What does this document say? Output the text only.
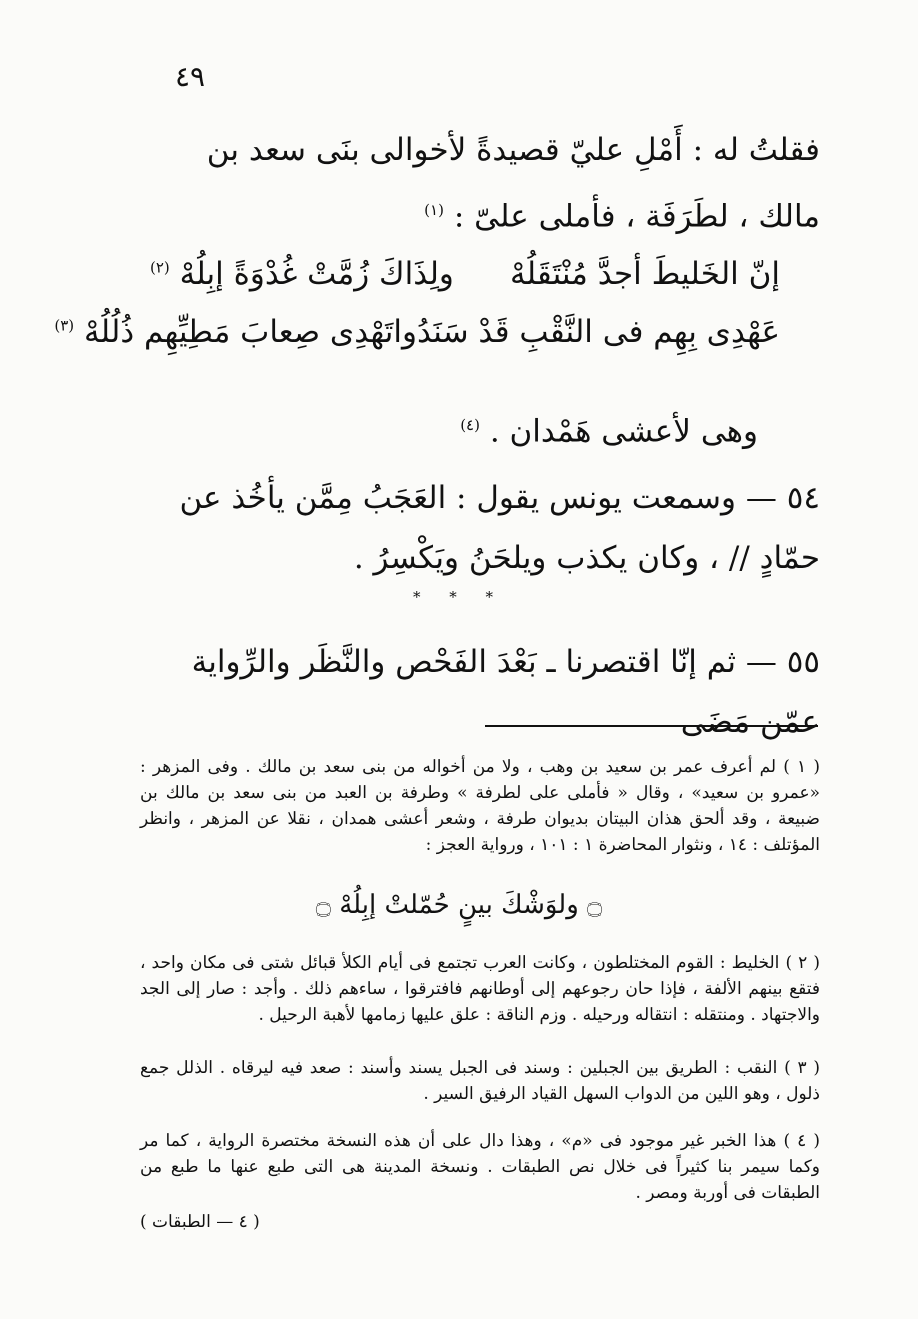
٤٩
فقلتُ له : أَمْلِ عليّ قصيدةً لأخوالى بنَى سعد بن مالك ، لطَرَفَة ، فأملى علىّ : $^{(١)}$
إنّ الخَليطَ أجدَّ مُنْتَقَلُهْ
ولِذَاكَ زُمَّتْ غُدْوَةً إبِلُهْ $^{(٢)}$
عَهْدِى بِهِم فى النَّقْبِ قَدْ سَنَدُوا
تَهْدِى صِعابَ مَطِيِّهِم ذُلُلُهْ $^{(٣)}$
وهى لأعشى هَمْدان . $^{(٤)}$
٥٤ — وسمعت يونس يقول : العَجَبُ مِمَّن يأخُذ عن حمّادٍ // ، وكان يكذب ويلحَنُ ويَكْسِرُ .
* * *
٥٥ — ثم إنّا اقتصرنا ـ بَعْدَ الفَحْص والنَّظَر والرِّواية عمّن مَضَى
( ١ ) لم أعرف عمر بن سعيد بن وهب ، ولا من أخواله من بنى سعد بن مالك . وفى المزهر : «عمرو بن سعيد» ، وقال « فأملى على لطرفة » وطرفة بن العبد من بنى سعد بن مالك بن ضبيعة ، وقد ألحق هذان البيتان بديوان طرفة ، وشعر أعشى همدان ، نقلا عن المزهر ، وانظر المؤتلف : ١٤ ، ونثوار المحاضرة ١ : ١٠١ ، ورواية العجز :
۝ ولوَشْكَ بينٍ حُمّلتْ إبِلُهْ ۝
( ٢ ) الخليط : القوم المختلطون ، وكانت العرب تجتمع فى أيام الكلأ قبائل شتى فى مكان واحد ، فتقع بينهم الألفة ، فإذا حان رجوعهم إلى أوطانهم فافترقوا ، ساءهم ذلك . وأجد : صار إلى الجد والاجتهاد . ومنتقله : انتقاله ورحيله . وزم الناقة : علق عليها زمامها لأهبة الرحيل .
( ٣ ) النقب : الطريق بين الجبلين : وسند فى الجبل يسند وأسند : صعد فيه ليرقاه . الذلل جمع ذلول ، وهو اللين من الدواب السهل القياد الرفيق السير .
( ٤ ) هذا الخبر غير موجود فى «م» ، وهذا دال على أن هذه النسخة مختصرة الرواية ، كما مر وكما سيمر بنا كثيراً فى خلال نص الطبقات . ونسخة المدينة هى التى طبع عنها ما طبع من الطبقات فى أوربة ومصر .
( ٤ — الطبقات )
